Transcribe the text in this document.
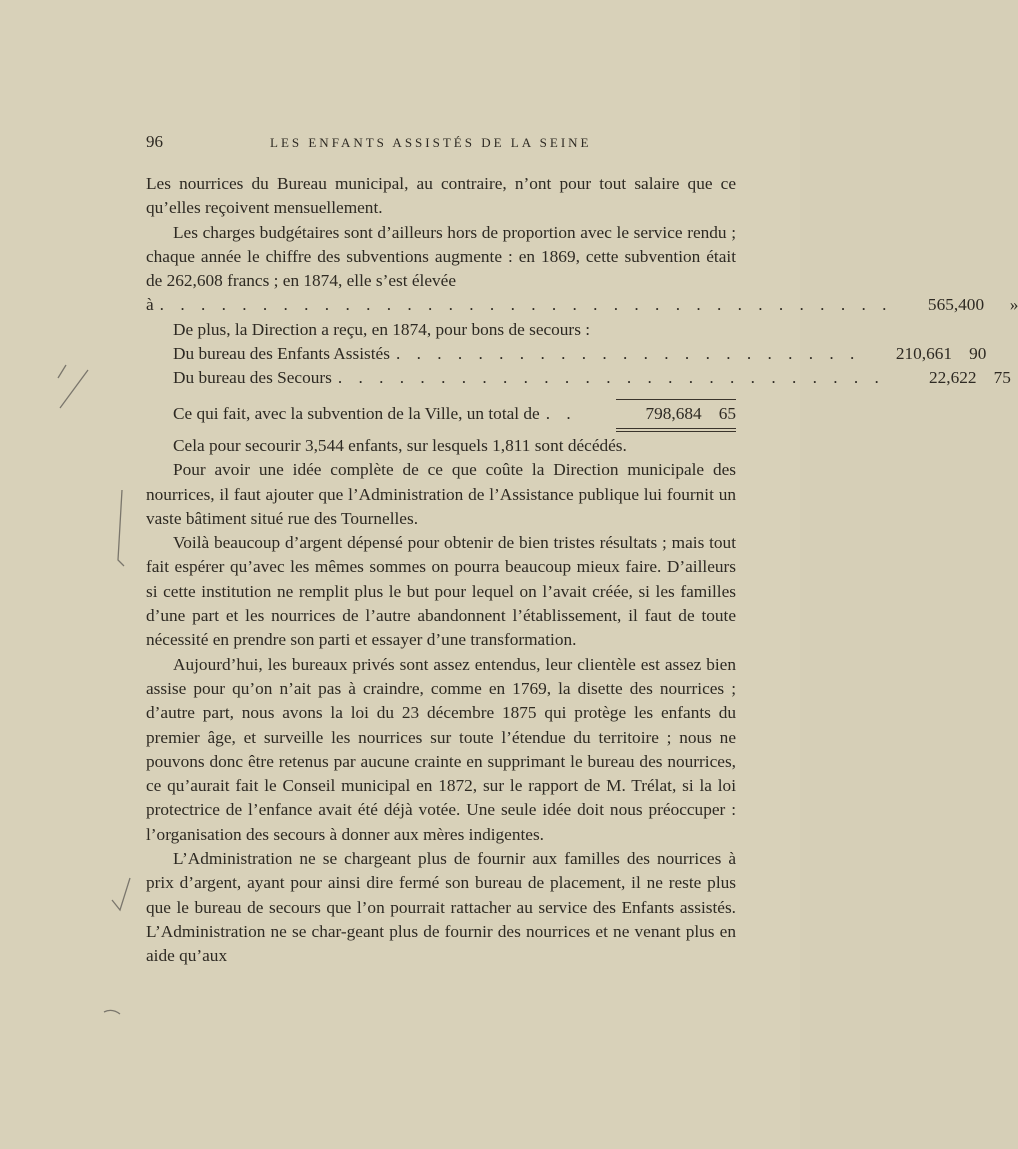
96	LES ENFANTS ASSISTÉS DE LA SEINE

Les nourrices du Bureau municipal, au contraire, n’ont pour tout salaire que ce qu’elles reçoivent mensuellement.

Les charges budgétaires sont d’ailleurs hors de proportion avec le service rendu ; chaque année le chiffre des subventions augmente : en 1869, cette subvention était de 262,608 francs ; en 1874, elle s’est élevée

à . . . . . . . . . . . . . . . . . . . . . . . . . . . . . . . . . . . .	565,400 »

De plus, la Direction a reçu, en 1874, pour bons de secours :

Du bureau des Enfants Assistés . . . . . . . . . . . . . . . . . . . . . . .	210,661 90
Du bureau des Secours . . . . . . . . . . . . . . . . . . . . . . . . . . .	22,622 75
Ce qui fait, avec la subvention de la Ville, un total de . .	798,684 65

Cela pour secourir 3,544 enfants, sur lesquels 1,811 sont décédés.

Pour avoir une idée complète de ce que coûte la Direction municipale des nourrices, il faut ajouter que l’Administration de l’Assistance publique lui fournit un vaste bâtiment situé rue des Tournelles.

Voilà beaucoup d’argent dépensé pour obtenir de bien tristes résultats ; mais tout fait espérer qu’avec les mêmes sommes on pourra beaucoup mieux faire. D’ailleurs si cette institution ne remplit plus le but pour lequel on l’avait créée, si les familles d’une part et les nourrices de l’autre abandonnent l’établissement, il faut de toute nécessité en prendre son parti et essayer d’une transformation.

Aujourd’hui, les bureaux privés sont assez entendus, leur clientèle est assez bien assise pour qu’on n’ait pas à craindre, comme en 1769, la disette des nourrices ; d’autre part, nous avons la loi du 23 décembre 1875 qui protège les enfants du premier âge, et surveille les nourrices sur toute l’étendue du territoire ; nous ne pouvons donc être retenus par aucune crainte en supprimant le bureau des nourrices, ce qu’aurait fait le Conseil municipal en 1872, sur le rapport de M. Trélat, si la loi protectrice de l’enfance avait été déjà votée. Une seule idée doit nous préoccuper : l’organisation des secours à donner aux mères indigentes.

L’Administration ne se chargeant plus de fournir aux familles des nourrices à prix d’argent, ayant pour ainsi dire fermé son bureau de placement, il ne reste plus que le bureau de secours que l’on pourrait rattacher au service des Enfants assistés. L’Administration ne se char-geant plus de fournir des nourrices et ne venant plus en aide qu’aux
